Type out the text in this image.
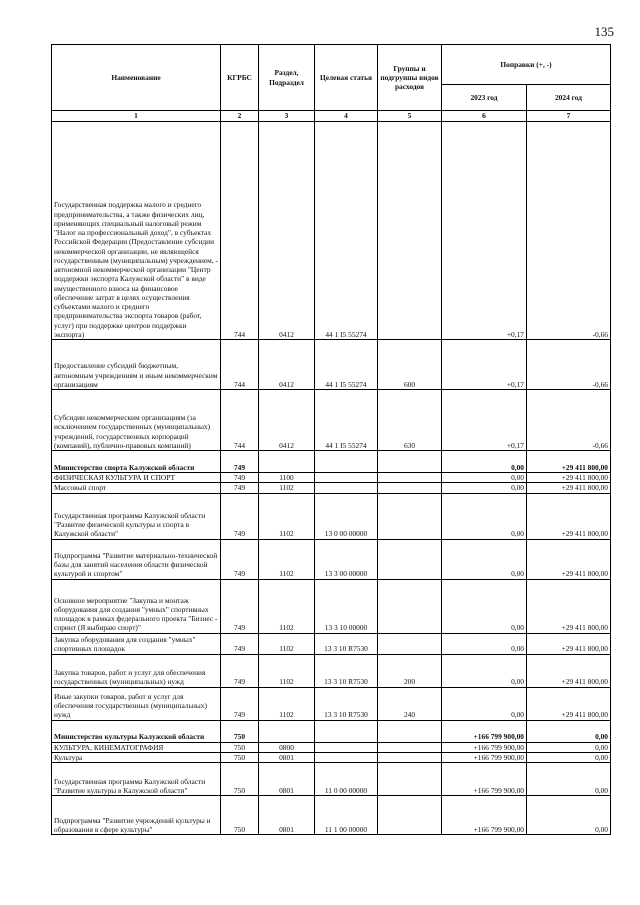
135
Наименование	КГРБС	Раздел, Подраздел	Целевая статья	Группы и подгруппы видов расходов	Поправки (+, -)	
					2023 год	2024 год
1	2	3	4	5	6	7
Государственная поддержка малого и среднего предпринимательства, а также физических лиц, применяющих специальный налоговый режим "Налог на профессиональный доход", в субъектах Российской Федерации (Предоставление субсидии некоммерческой организации, не являющейся государственным (муниципальным) учреждением, - автономной некоммерческой организации "Центр поддержки экспорта Калужской области" в виде имущественного взноса на финансовое обеспечение затрат в целях осуществления субъектами малого и среднего предпринимательства экспорта товаров (работ, услуг) при поддержке центров поддержки экспорта)	744	0412	44 1 I5 55274		+0,17	-0,66
Предоставление субсидий бюджетным, автономным учреждениям и иным некоммерческим организациям	744	0412	44 1 I5 55274	600	+0,17	-0,66
Субсидии некоммерческим организациям (за исключением государственных (муниципальных) учреждений, государственных корпораций (компаний), публично-правовых компаний)	744	0412	44 1 I5 55274	630	+0,17	-0,66
Министерство спорта Калужской области	749				0,00	+29 411 800,00
ФИЗИЧЕСКАЯ КУЛЬТУРА И СПОРТ	749	1100			0,00	+29 411 800,00
Массовый спорт	749	1102			0,00	+29 411 800,00
Государственная программа Калужской области "Развитие физической культуры и спорта в Калужской области"	749	1102	13 0 00 00000		0,00	+29 411 800,00
Подпрограмма "Развитие материально-технической базы для занятий населения области физической культурой и спортом"	749	1102	13 3 00 00000		0,00	+29 411 800,00
Основное мероприятие "Закупка и монтаж оборудования для создания "умных" спортивных площадок в рамках федерального проекта "Бизнес - спринт (Я выбираю спорт)"	749	1102	13 3 10 00000		0,00	+29 411 800,00
Закупка оборудования для создания "умных" спортивных площадок	749	1102	13 3 10 R7530		0,00	+29 411 800,00
Закупка товаров, работ и услуг для обеспечения государственных (муниципальных) нужд	749	1102	13 3 10 R7530	200	0,00	+29 411 800,00
Иные закупки товаров, работ и услуг для обеспечения государственных (муниципальных) нужд	749	1102	13 3 10 R7530	240	0,00	+29 411 800,00
Министерство культуры Калужской области	750				+166 799 900,00	0,00
КУЛЬТУРА, КИНЕМАТОГРАФИЯ	750	0800			+166 799 900,00	0,00
Культура	750	0801			+166 799 900,00	0,00
Государственная программа Калужской области "Развитие культуры в Калужской области"	750	0801	11 0 00 00000		+166 799 900,00	0,00
Подпрограмма "Развитие учреждений культуры и образования в сфере культуры"	750	0801	11 1 00 00000		+166 799 900,00	0,00
